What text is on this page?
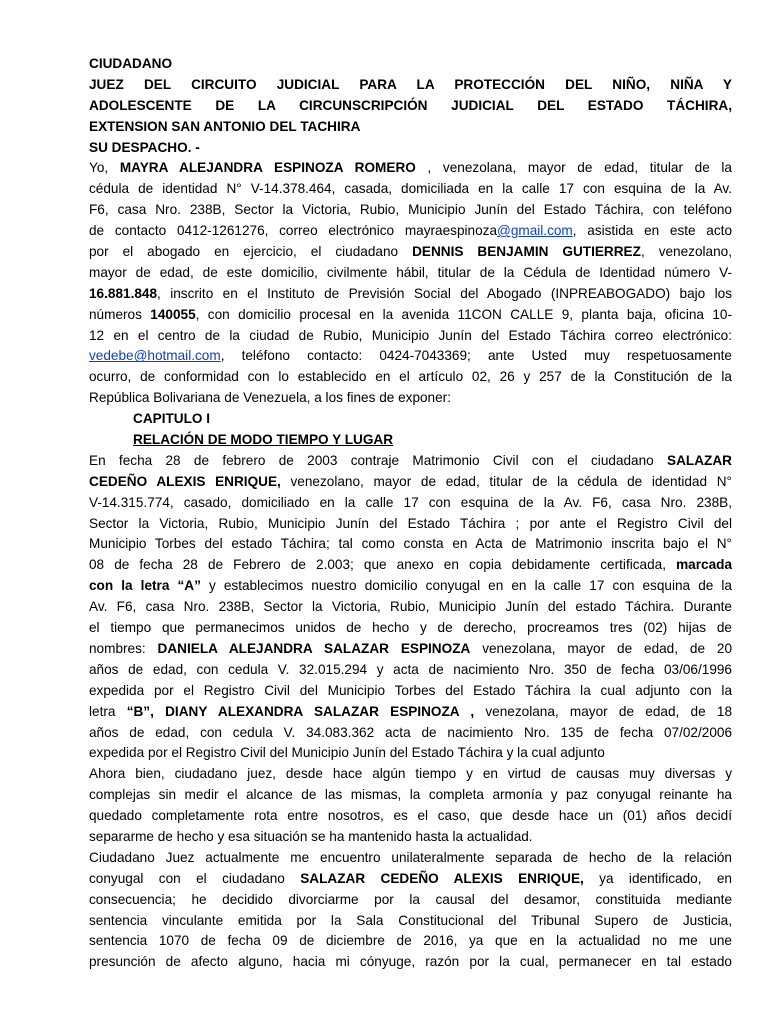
CIUDADANO
JUEZ DEL CIRCUITO JUDICIAL PARA LA PROTECCIÓN DEL NIÑO, NIÑA Y
ADOLESCENTE DE LA CIRCUNSCRIPCIÓN JUDICIAL DEL ESTADO TÁCHIRA,
EXTENSION SAN ANTONIO DEL TACHIRA
SU DESPACHO. -
Yo, MAYRA ALEJANDRA ESPINOZA ROMERO , venezolana, mayor de edad, titular de la
cédula de identidad N° V-14.378.464, casada, domiciliada en la calle 17 con esquina de la Av.
F6, casa Nro. 238B, Sector la Victoria, Rubio, Municipio Junín del Estado Táchira, con teléfono
de contacto 0412-1261276, correo electrónico mayraespinoza@gmail.com, asistida en este acto
por el abogado en ejercicio, el ciudadano DENNIS BENJAMIN GUTIERREZ, venezolano,
mayor de edad, de este domicilio, civilmente hábil, titular de la Cédula de Identidad número V-
16.881.848, inscrito en el Instituto de Previsión Social del Abogado (INPREABOGADO) bajo los
números 140055, con domicilio procesal en la avenida 11CON CALLE 9, planta baja, oficina 10-
12 en el centro de la ciudad de Rubio, Municipio Junín del Estado Táchira correo electrónico:
vedebe@hotmail.com, teléfono contacto: 0424-7043369; ante Usted muy respetuosamente
ocurro, de conformidad con lo establecido en el artículo 02, 26 y 257 de la Constitución de la
República Bolivariana de Venezuela, a los fines de exponer:
CAPITULO I
RELACIÓN DE MODO TIEMPO Y LUGAR
En fecha 28 de febrero de 2003 contraje Matrimonio Civil con el ciudadano SALAZAR
CEDEÑO ALEXIS ENRIQUE, venezolano, mayor de edad, titular de la cédula de identidad N°
V-14.315.774, casado, domiciliado en la calle 17 con esquina de la Av. F6, casa Nro. 238B,
Sector la Victoria, Rubio, Municipio Junín del Estado Táchira ; por ante el Registro Civil del
Municipio Torbes del estado Táchira; tal como consta en Acta de Matrimonio inscrita bajo el N°
08 de fecha 28 de Febrero de 2.003; que anexo en copia debidamente certificada, marcada
con la letra “A” y establecimos nuestro domicilio conyugal en en la calle 17 con esquina de la
Av. F6, casa Nro. 238B, Sector la Victoria, Rubio, Municipio Junín del estado Táchira. Durante
el tiempo que permanecimos unidos de hecho y de derecho, procreamos tres (02) hijas de
nombres: DANIELA ALEJANDRA SALAZAR ESPINOZA venezolana, mayor de edad, de 20
años de edad, con cedula V. 32.015.294 y acta de nacimiento Nro. 350 de fecha 03/06/1996
expedida por el Registro Civil del Municipio Torbes del Estado Táchira la cual adjunto con la
letra “B”, DIANY ALEXANDRA SALAZAR ESPINOZA , venezolana, mayor de edad, de 18
años de edad, con cedula V. 34.083.362 acta de nacimiento Nro. 135 de fecha 07/02/2006
expedida por el Registro Civil del Municipio Junín del Estado Táchira y la cual adjunto
Ahora bien, ciudadano juez, desde hace algún tiempo y en virtud de causas muy diversas y
complejas sin medir el alcance de las mismas, la completa armonía y paz conyugal reinante ha
quedado completamente rota entre nosotros, es el caso, que desde hace un (01) años decidí
separarme de hecho y esa situación se ha mantenido hasta la actualidad.
Ciudadano Juez actualmente me encuentro unilateralmente separada de hecho de la relación
conyugal con el ciudadano SALAZAR CEDEÑO ALEXIS ENRIQUE, ya identificado, en
consecuencia; he decidido divorciarme por la causal del desamor, constituida mediante
sentencia vinculante emitida por la Sala Constitucional del Tribunal Supero de Justicia,
sentencia 1070 de fecha 09 de diciembre de 2016, ya que en la actualidad no me une
presunción de afecto alguno, hacia mi cónyuge, razón por la cual, permanecer en tal estado
